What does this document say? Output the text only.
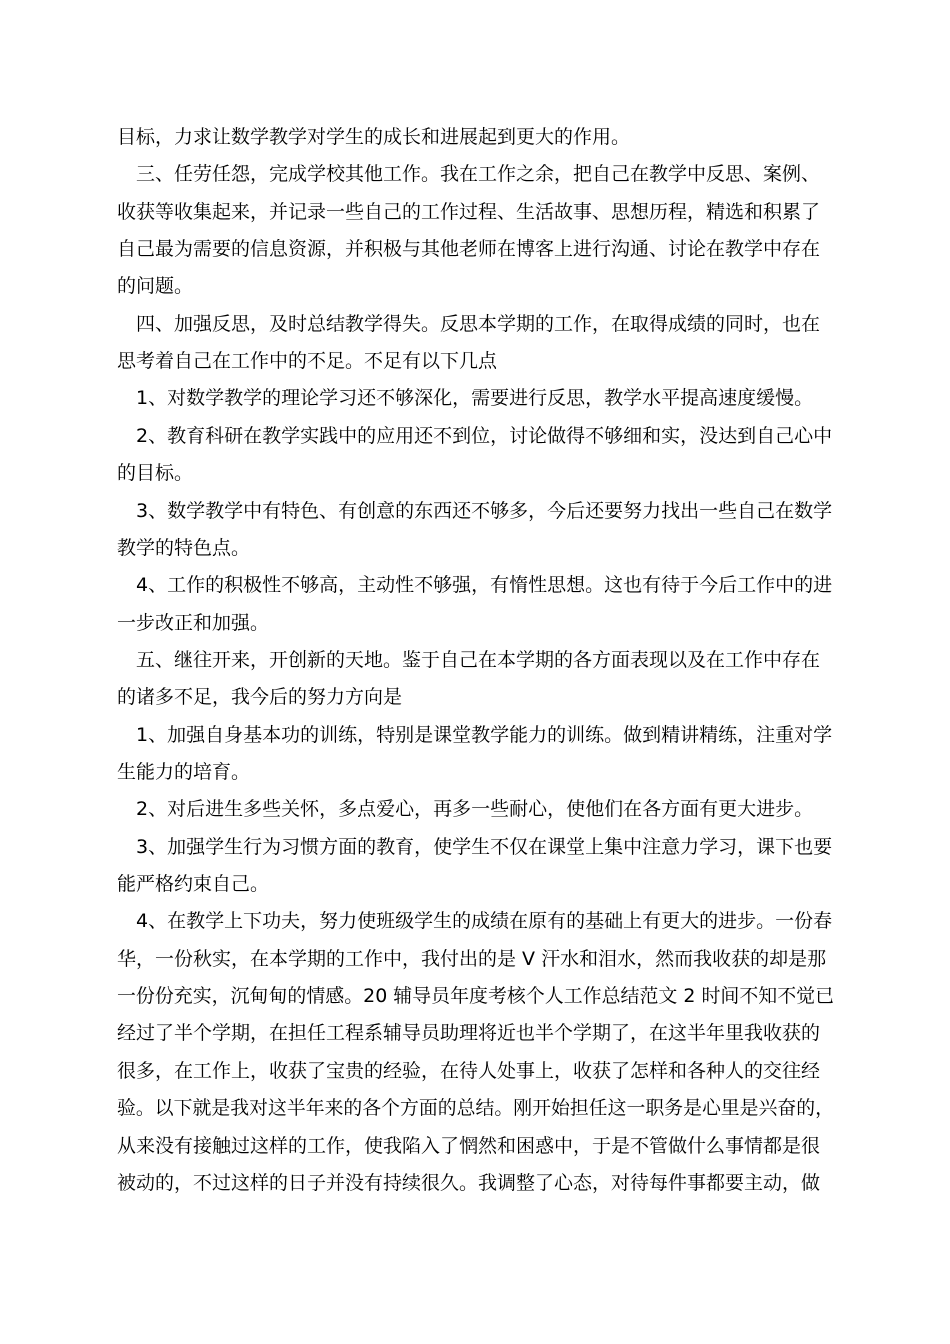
目标，力求让数学教学对学生的成长和进展起到更大的作用。
三、任劳任怨，完成学校其他工作。我在工作之余，把自己在教学中反思、案例、
收获等收集起来，并记录一些自己的工作过程、生活故事、思想历程，精选和积累了
自己最为需要的信息资源，并积极与其他老师在博客上进行沟通、讨论在教学中存在
的问题。
四、加强反思，及时总结教学得失。反思本学期的工作，在取得成绩的同时，也在
思考着自己在工作中的不足。不足有以下几点
1、对数学教学的理论学习还不够深化，需要进行反思，教学水平提高速度缓慢。
2、教育科研在教学实践中的应用还不到位，讨论做得不够细和实，没达到自己心中
的目标。
3、数学教学中有特色、有创意的东西还不够多，今后还要努力找出一些自己在数学
教学的特色点。
4、工作的积极性不够高，主动性不够强，有惰性思想。这也有待于今后工作中的进
一步改正和加强。
五、继往开来，开创新的天地。鉴于自己在本学期的各方面表现以及在工作中存在
的诸多不足，我今后的努力方向是
1、加强自身基本功的训练，特别是课堂教学能力的训练。做到精讲精练，注重对学
生能力的培育。
2、对后进生多些关怀，多点爱心，再多一些耐心，使他们在各方面有更大进步。
3、加强学生行为习惯方面的教育，使学生不仅在课堂上集中注意力学习，课下也要
能严格约束自己。
4、在教学上下功夫，努力使班级学生的成绩在原有的基础上有更大的进步。一份春
华，一份秋实，在本学期的工作中，我付出的是 V 汗水和泪水，然而我收获的却是那
一份份充实，沉甸甸的情感。20 辅导员年度考核个人工作总结范文 2 时间不知不觉已
经过了半个学期，在担任工程系辅导员助理将近也半个学期了，在这半年里我收获的
很多，在工作上，收获了宝贵的经验，在待人处事上，收获了怎样和各种人的交往经
验。以下就是我对这半年来的各个方面的总结。刚开始担任这一职务是心里是兴奋的，
从来没有接触过这样的工作，使我陷入了惘然和困惑中，于是不管做什么事情都是很
被动的，不过这样的日子并没有持续很久。我调整了心态，对待每件事都要主动，做
